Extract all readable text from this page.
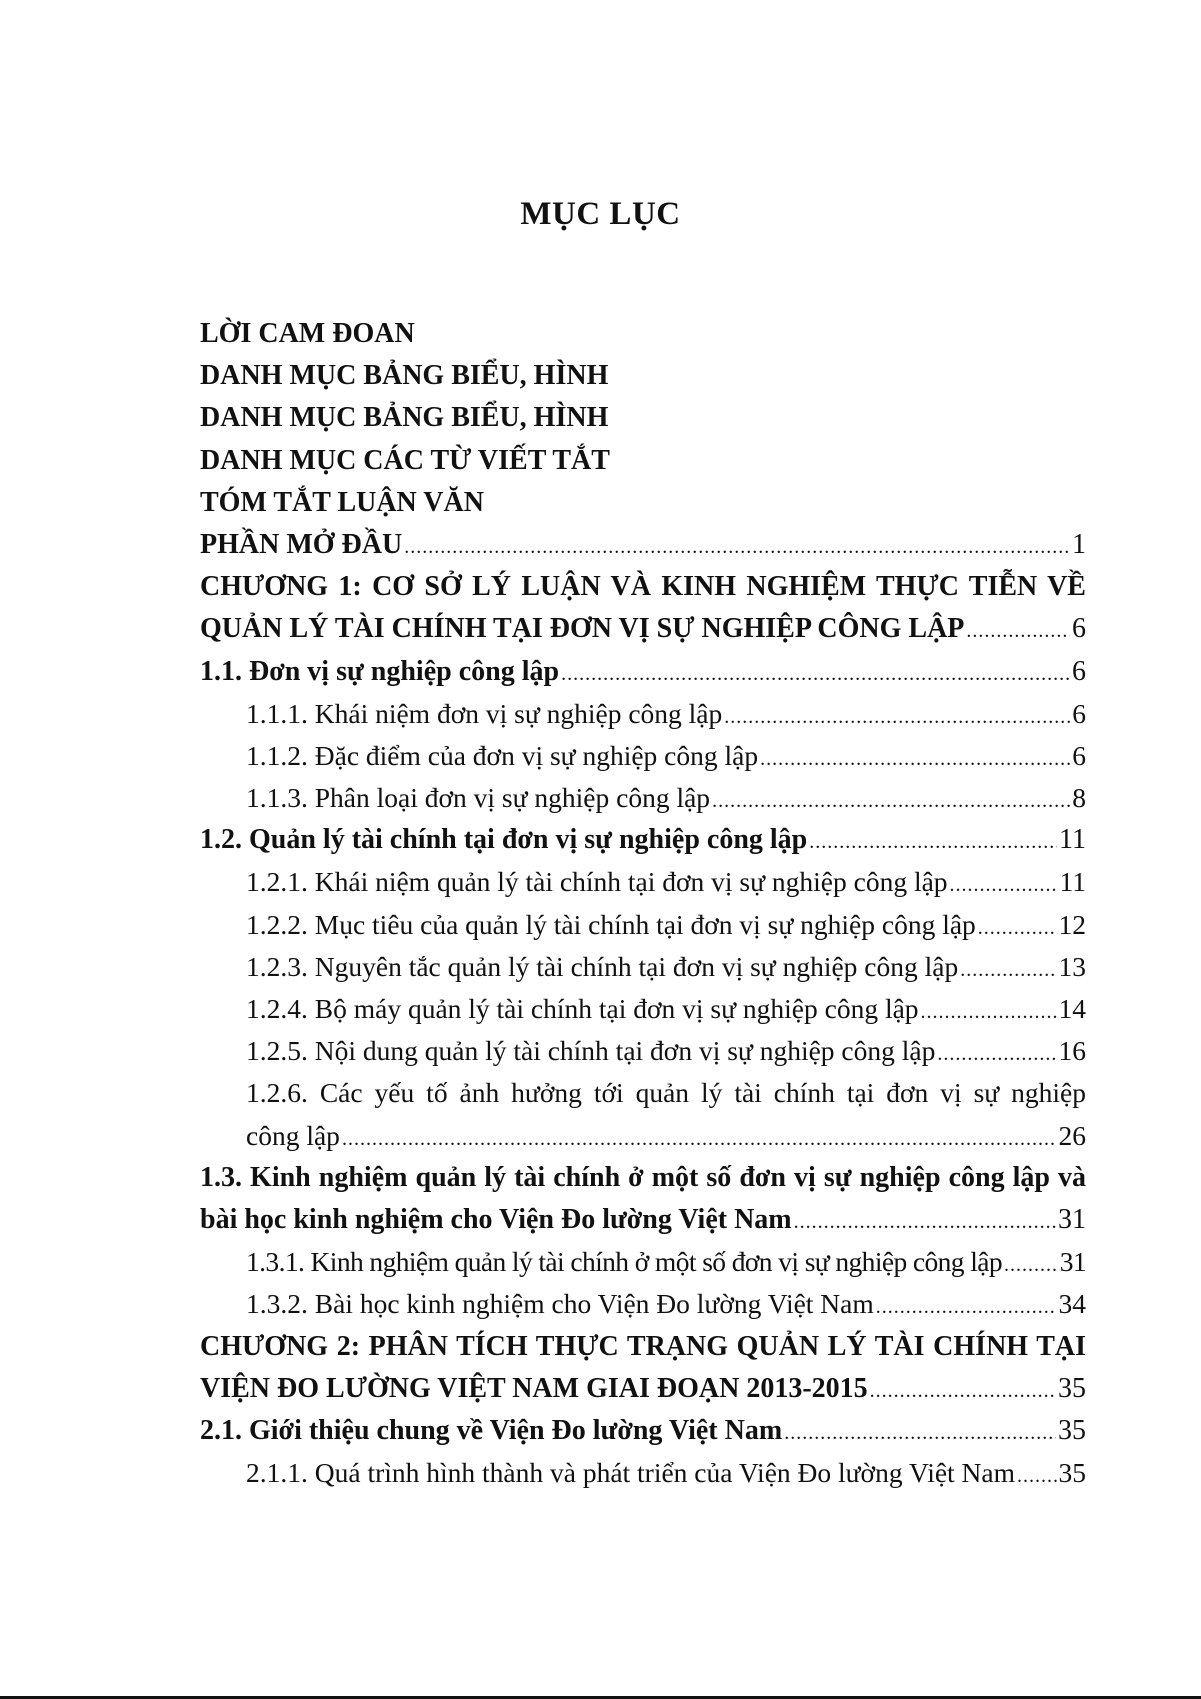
MỤC LỤC
LỜI CAM ĐOAN
DANH MỤC BẢNG BIỂU, HÌNH
DANH MỤC BẢNG BIỂU, HÌNH
DANH MỤC CÁC TỪ VIẾT TẮT
TÓM TẮT LUẬN VĂN
PHẦN MỞ ĐẦU .....	1
CHƯƠNG 1: CƠ SỞ LÝ LUẬN VÀ KINH NGHIỆM THỰC TIỄN VỀ
QUẢN LÝ TÀI CHÍNH TẠI ĐƠN VỊ SỰ NGHIỆP CÔNG LẬP .....	6
1.1. Đơn vị sự nghiệp công lập .....	6
1.1.1. Khái niệm đơn vị sự nghiệp công lập .....	6
1.1.2. Đặc điểm của đơn vị sự nghiệp công lập .....	6
1.1.3. Phân loại đơn vị sự nghiệp công lập .....	8
1.2. Quản lý tài chính tại đơn vị sự nghiệp công lập .....	11
1.2.1. Khái niệm quản lý tài chính tại đơn vị sự nghiệp công lập .....	11
1.2.2. Mục tiêu của quản lý tài chính tại đơn vị sự nghiệp công lập .....	12
1.2.3. Nguyên tắc quản lý tài chính tại đơn vị sự nghiệp công lập .....	13
1.2.4. Bộ máy quản lý tài chính tại đơn vị sự nghiệp công lập .....	14
1.2.5. Nội dung quản lý tài chính tại đơn vị sự nghiệp công lập .....	16
1.2.6. Các yếu tố ảnh hưởng tới quản lý tài chính tại đơn vị sự nghiệp
công lập .....	26
1.3. Kinh nghiệm quản lý tài chính ở một số đơn vị sự nghiệp công lập và
bài học kinh nghiệm cho Viện Đo lường Việt Nam .....	31
1.3.1. Kinh nghiệm quản lý tài chính ở một số đơn vị sự nghiệp công lập ..... 31
1.3.2. Bài học kinh nghiệm cho Viện Đo lường Việt Nam .....	34
CHƯƠNG 2: PHÂN TÍCH THỰC TRẠNG QUẢN LÝ TÀI CHÍNH TẠI
VIỆN ĐO LƯỜNG VIỆT NAM GIAI ĐOẠN 2013-2015 .....	35
2.1. Giới thiệu chung về Viện Đo lường Việt Nam .....	35
2.1.1. Quá trình hình thành và phát triển của Viện Đo lường Việt Nam ..... 35
